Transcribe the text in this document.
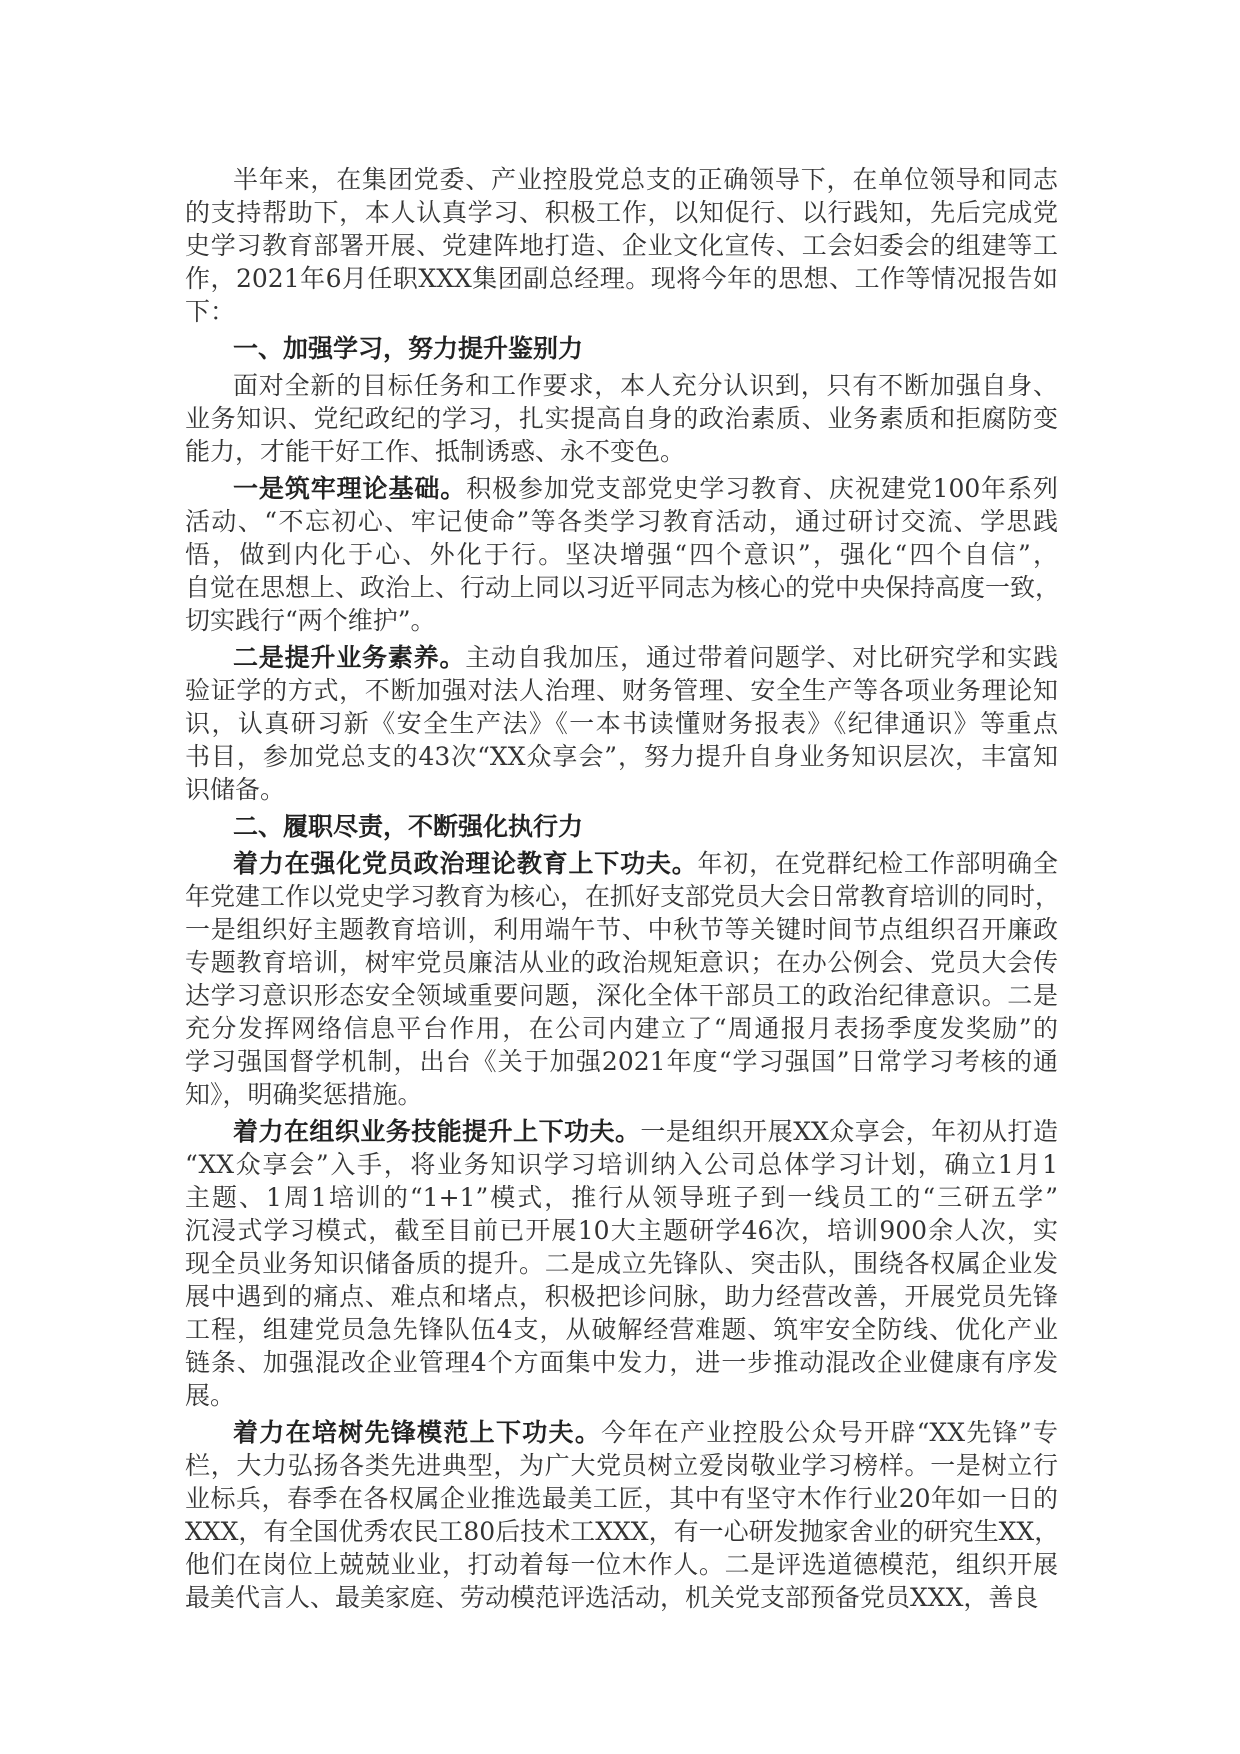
半年来，在集团党委、产业控股党总支的正确领导下，在单位领导和同志
的支持帮助下，本人认真学习、积极工作，以知促行、以行践知，先后完成党
史学习教育部署开展、党建阵地打造、企业文化宣传、工会妇委会的组建等工
作，2021年6月任职XXX集团副总经理。现将今年的思想、工作等情况报告如
下：
一、加强学习，努力提升鉴别力
面对全新的目标任务和工作要求，本人充分认识到，只有不断加强自身、
业务知识、党纪政纪的学习，扎实提高自身的政治素质、业务素质和拒腐防变
能力，才能干好工作、抵制诱惑、永不变色。
一是筑牢理论基础。积极参加党支部党史学习教育、庆祝建党100年系列
活动、“不忘初心、牢记使命”等各类学习教育活动，通过研讨交流、学思践
悟，做到内化于心、外化于行。坚决增强“四个意识”，强化“四个自信”，
自觉在思想上、政治上、行动上同以习近平同志为核心的党中央保持高度一致，
切实践行“两个维护”。
二是提升业务素养。主动自我加压，通过带着问题学、对比研究学和实践
验证学的方式，不断加强对法人治理、财务管理、安全生产等各项业务理论知
识，认真研习新《安全生产法》《一本书读懂财务报表》《纪律通识》等重点
书目，参加党总支的43次“XX众享会”，努力提升自身业务知识层次，丰富知
识储备。
二、履职尽责，不断强化执行力
着力在强化党员政治理论教育上下功夫。年初，在党群纪检工作部明确全
年党建工作以党史学习教育为核心，在抓好支部党员大会日常教育培训的同时，
一是组织好主题教育培训，利用端午节、中秋节等关键时间节点组织召开廉政
专题教育培训，树牢党员廉洁从业的政治规矩意识；在办公例会、党员大会传
达学习意识形态安全领域重要问题，深化全体干部员工的政治纪律意识。二是
充分发挥网络信息平台作用，在公司内建立了“周通报月表扬季度发奖励”的
学习强国督学机制，出台《关于加强2021年度“学习强国”日常学习考核的通
知》，明确奖惩措施。
着力在组织业务技能提升上下功夫。一是组织开展XX众享会，年初从打造
“XX众享会”入手，将业务知识学习培训纳入公司总体学习计划，确立1月1
主题、1周1培训的“1+1”模式，推行从领导班子到一线员工的“三研五学”
沉浸式学习模式，截至目前已开展10大主题研学46次，培训900余人次，实
现全员业务知识储备质的提升。二是成立先锋队、突击队，围绕各权属企业发
展中遇到的痛点、难点和堵点，积极把诊问脉，助力经营改善，开展党员先锋
工程，组建党员急先锋队伍4支，从破解经营难题、筑牢安全防线、优化产业
链条、加强混改企业管理4个方面集中发力，进一步推动混改企业健康有序发
展。
着力在培树先锋模范上下功夫。今年在产业控股公众号开辟“XX先锋”专
栏，大力弘扬各类先进典型，为广大党员树立爱岗敬业学习榜样。一是树立行
业标兵，春季在各权属企业推选最美工匠，其中有坚守木作行业20年如一日的
XXX，有全国优秀农民工80后技术工XXX，有一心研发抛家舍业的研究生XX，
他们在岗位上兢兢业业，打动着每一位木作人。二是评选道德模范，组织开展
最美代言人、最美家庭、劳动模范评选活动，机关党支部预备党员XXX，善良
